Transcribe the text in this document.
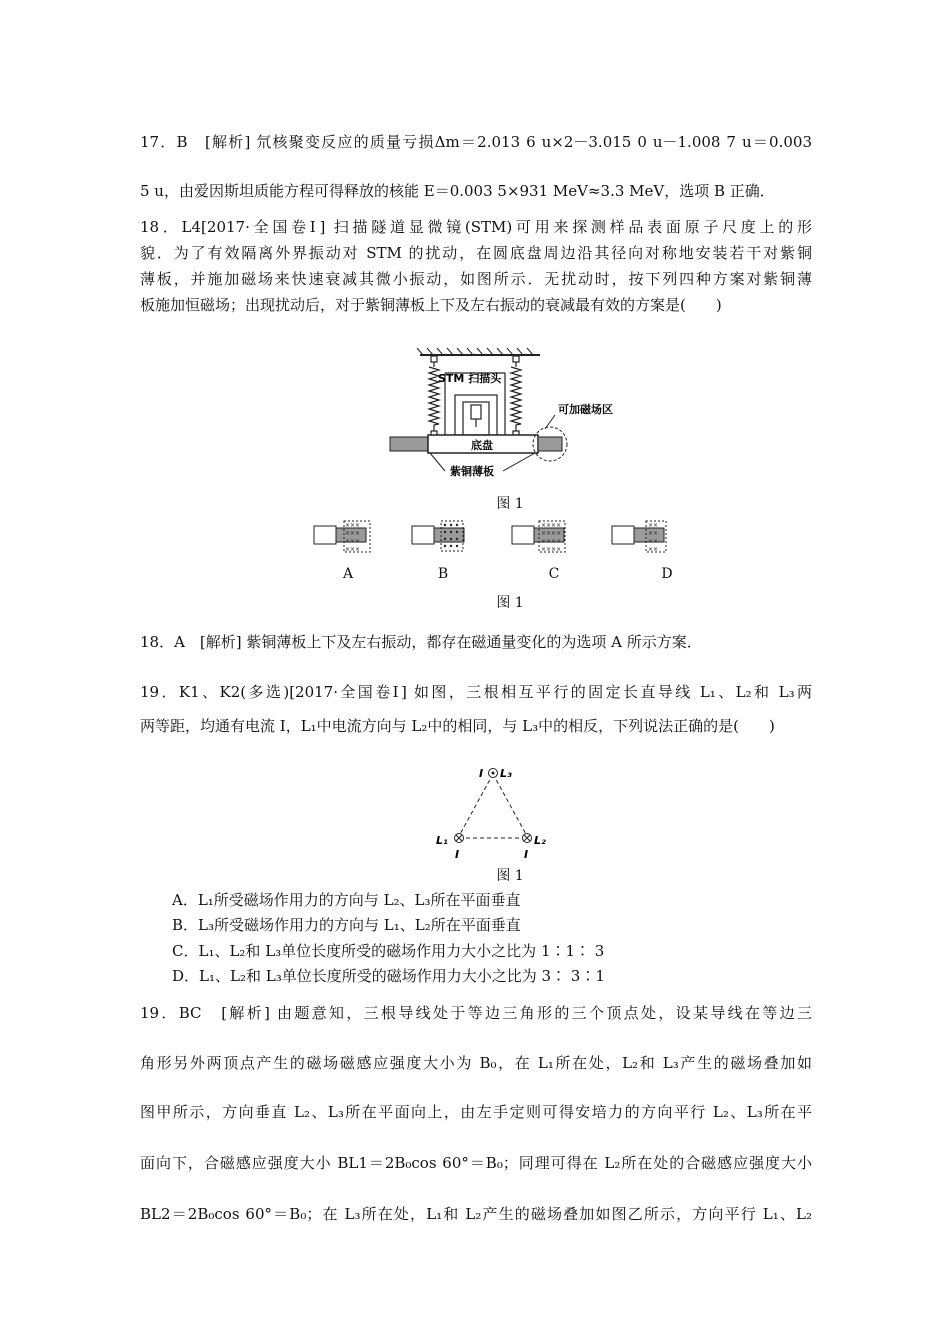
17．B　[解析] 氘核聚变反应的质量亏损Δm＝2.013 6 u×2－3.015 0 u－1.008 7 u＝0.003
5 u，由爱因斯坦质能方程可得释放的核能 E＝0.003 5×931 MeV≈3.3 MeV，选项 B 正确．
18．L4[2017·全国卷Ⅰ] 扫描隧道显微镜(STM)可用来探测样品表面原子尺度上的形
貌．为了有效隔离外界振动对 STM 的扰动，在圆底盘周边沿其径向对称地安装若干对紫铜
薄板，并施加磁场来快速衰减其微小振动，如图所示．无扰动时，按下列四种方案对紫铜薄
板施加恒磁场；出现扰动后，对于紫铜薄板上下及左右振动的衰减最有效的方案是(　　)
STM 扫描头
可加磁场区
底盘
紫铜薄板
图 1
×××
×××
×××
×××
××××
××××
××××
××××
××
××
××
××
A	B	C	D
图 1
18．A　[解析] 紫铜薄板上下及左右振动，都存在磁通量变化的为选项 A 所示方案．
19．K1、K2(多选)[2017·全国卷Ⅰ] 如图，三根相互平行的固定长直导线 L₁、L₂和 L₃两
两等距，均通有电流 I，L₁中电流方向与 L₂中的相同，与 L₃中的相反，下列说法正确的是(　　)
I L₃
L₁	L₂
I	I
图 1
A．L₁所受磁场作用力的方向与 L₂、L₃所在平面垂直
B．L₃所受磁场作用力的方向与 L₁、L₂所在平面垂直
C．L₁、L₂和 L₃单位长度所受的磁场作用力大小之比为 1∶1∶ 3
D．L₁、L₂和 L₃单位长度所受的磁场作用力大小之比为 3∶ 3∶1
19．BC　[解析] 由题意知，三根导线处于等边三角形的三个顶点处，设某导线在等边三
角形另外两顶点产生的磁场磁感应强度大小为 B₀，在 L₁所在处，L₂和 L₃产生的磁场叠加如
图甲所示，方向垂直 L₂、L₃所在平面向上，由左手定则可得安培力的方向平行 L₂、L₃所在平
面向下，合磁感应强度大小 BL1＝2B₀cos 60°＝B₀；同理可得在 L₂所在处的合磁感应强度大小
BL2＝2B₀cos 60°＝B₀；在 L₃所在处，L₁和 L₂产生的磁场叠加如图乙所示，方向平行 L₁、L₂
